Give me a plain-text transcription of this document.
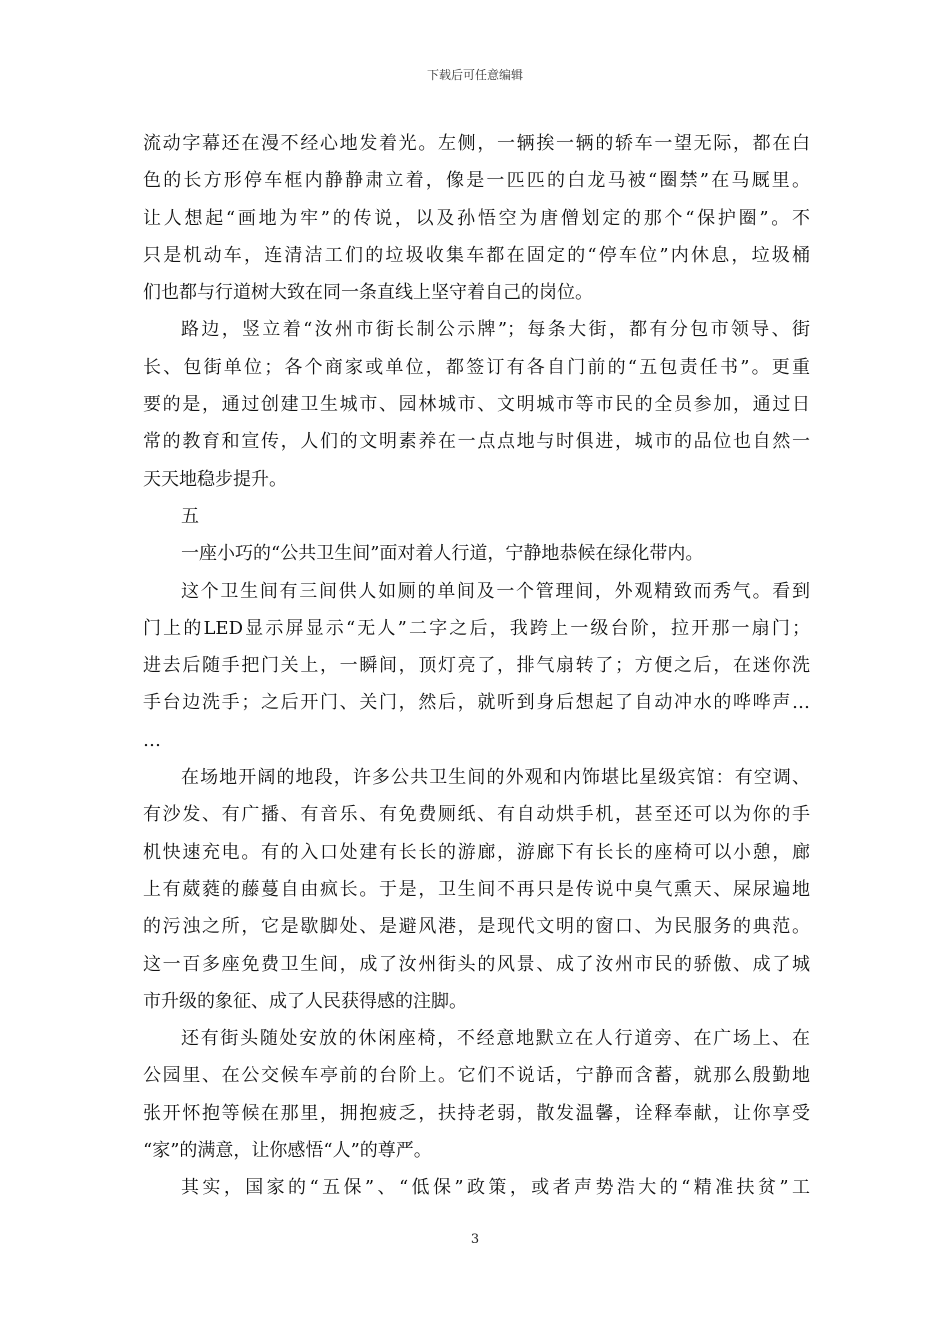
下载后可任意编辑
流动字幕还在漫不经心地发着光。左侧，一辆挨一辆的轿车一望无际，都在白
色的长方形停车框内静静肃立着，像是一匹匹的白龙马被“圈禁”在马厩里。
让人想起“画地为牢”的传说，以及孙悟空为唐僧划定的那个“保护圈”。不
只是机动车，连清洁工们的垃圾收集车都在固定的“停车位”内休息，垃圾桶
们也都与行道树大致在同一条直线上坚守着自己的岗位。
路边，竖立着“汝州市街长制公示牌”；每条大街，都有分包市领导、街
长、包街单位；各个商家或单位，都签订有各自门前的“五包责任书”。更重
要的是，通过创建卫生城市、园林城市、文明城市等市民的全员参加，通过日
常的教育和宣传，人们的文明素养在一点点地与时俱进，城市的品位也自然一
天天地稳步提升。
五
一座小巧的“公共卫生间”面对着人行道，宁静地恭候在绿化带内。
这个卫生间有三间供人如厕的单间及一个管理间，外观精致而秀气。看到
门上的LED显示屏显示“无人”二字之后，我跨上一级台阶，拉开那一扇门；
进去后随手把门关上，一瞬间，顶灯亮了，排气扇转了；方便之后，在迷你洗
手台边洗手；之后开门、关门，然后，就听到身后想起了自动冲水的哗哗声…
…
在场地开阔的地段，许多公共卫生间的外观和内饰堪比星级宾馆：有空调、
有沙发、有广播、有音乐、有免费厕纸、有自动烘手机，甚至还可以为你的手
机快速充电。有的入口处建有长长的游廊，游廊下有长长的座椅可以小憩，廊
上有葳蕤的藤蔓自由疯长。于是，卫生间不再只是传说中臭气熏天、屎尿遍地
的污浊之所，它是歇脚处、是避风港，是现代文明的窗口、为民服务的典范。
这一百多座免费卫生间，成了汝州街头的风景、成了汝州市民的骄傲、成了城
市升级的象征、成了人民获得感的注脚。
还有街头随处安放的休闲座椅，不经意地默立在人行道旁、在广场上、在
公园里、在公交候车亭前的台阶上。它们不说话，宁静而含蓄，就那么殷勤地
张开怀抱等候在那里，拥抱疲乏，扶持老弱，散发温馨，诠释奉献，让你享受
“家”的满意，让你感悟“人”的尊严。
其实，国家的“五保”、“低保”政策，或者声势浩大的“精准扶贫”工
3
